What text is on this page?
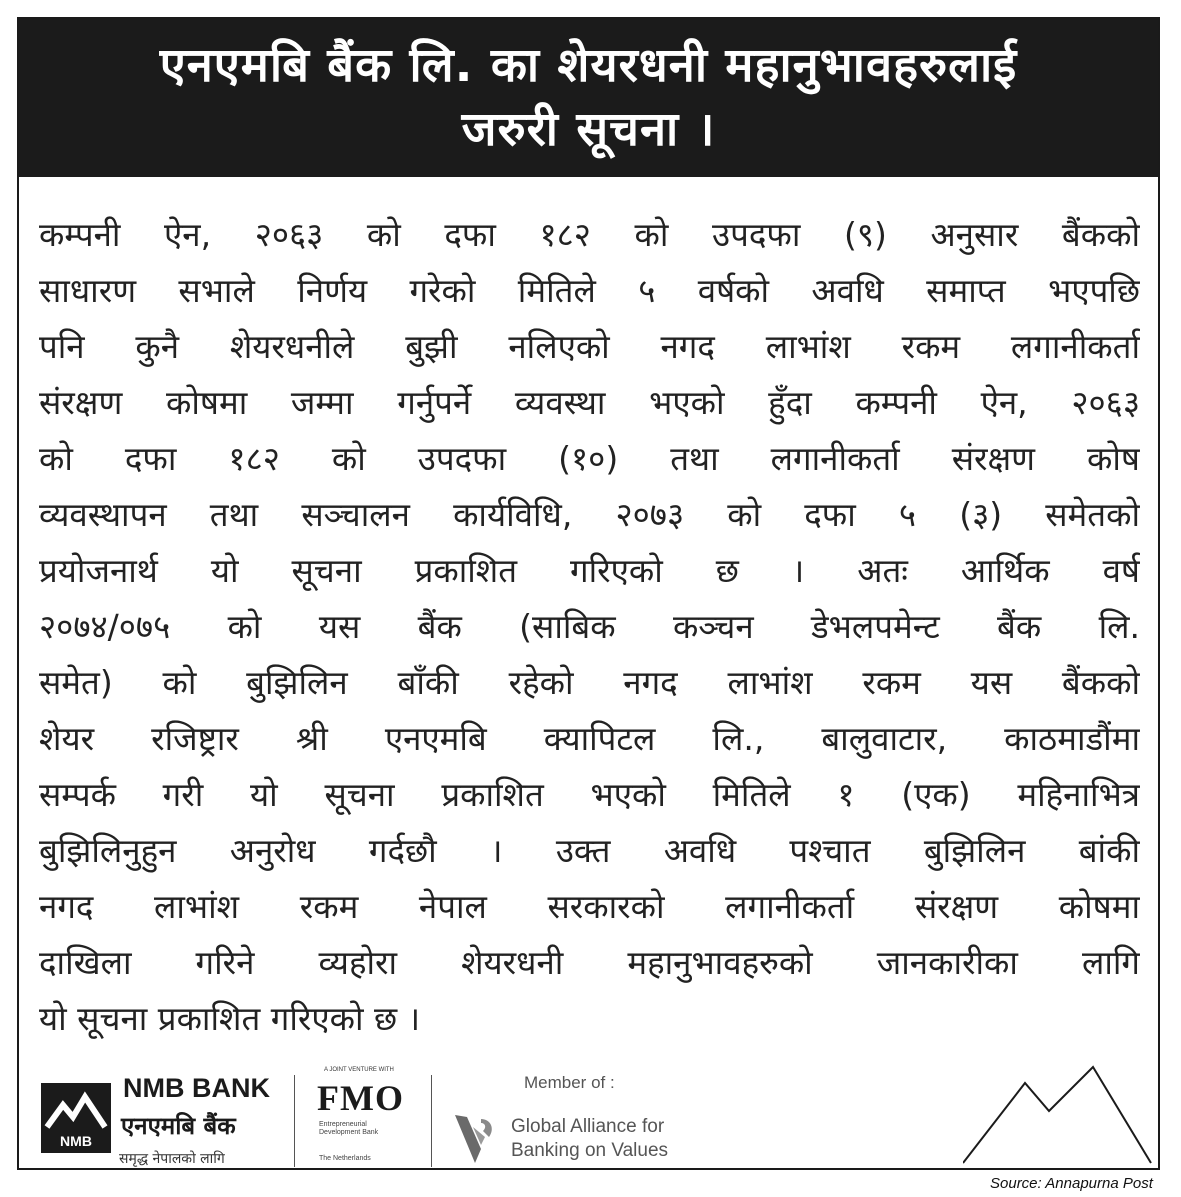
एनएमबि बैंक लि. का शेयरधनी महानुभावहरुलाई
जरुरी सूचना ।
कम्पनी ऐन, २०६३ को दफा १८२ को उपदफा (९) अनुसार बैंकको
साधारण सभाले निर्णय गरेको मितिले ५ वर्षको अवधि समाप्त भएपछि
पनि कुनै शेयरधनीले बुझी नलिएको नगद लाभांश रकम लगानीकर्ता
संरक्षण कोषमा जम्मा गर्नुपर्ने व्यवस्था भएको हुँदा कम्पनी ऐन, २०६३
को दफा १८२ को उपदफा (१०) तथा लगानीकर्ता संरक्षण कोष
व्यवस्थापन तथा सञ्चालन कार्यविधि, २०७३ को दफा ५ (३) समेतको
प्रयोजनार्थ यो सूचना प्रकाशित गरिएको छ । अतः आर्थिक वर्ष
२०७४/०७५ को यस बैंक (साबिक कञ्चन डेभलपमेन्ट बैंक लि.
समेत) को बुझिलिन बाँकी रहेको नगद लाभांश रकम यस बैंकको
शेयर रजिष्ट्रार श्री एनएमबि क्यापिटल लि., बालुवाटार, काठमाडौंमा
सम्पर्क गरी यो सूचना प्रकाशित भएको मितिले १ (एक) महिनाभित्र
बुझिलिनुहुन अनुरोध गर्दछौ । उक्त अवधि पश्चात बुझिलिन बांकी
नगद लाभांश रकम नेपाल सरकारको लगानीकर्ता संरक्षण कोषमा
दाखिला गरिने व्यहोरा शेयरधनी महानुभावहरुको जानकारीका लागि
यो सूचना प्रकाशित गरिएको छ ।
NMB
NMB BANK
एनएमबि बैंक
समृद्ध नेपालको लागि
A JOINT VENTURE WITH
FMO
Entrepreneurial Development Bank
The Netherlands
Member of :
Global Alliance for
Banking on Values
Source: Annapurna Post
